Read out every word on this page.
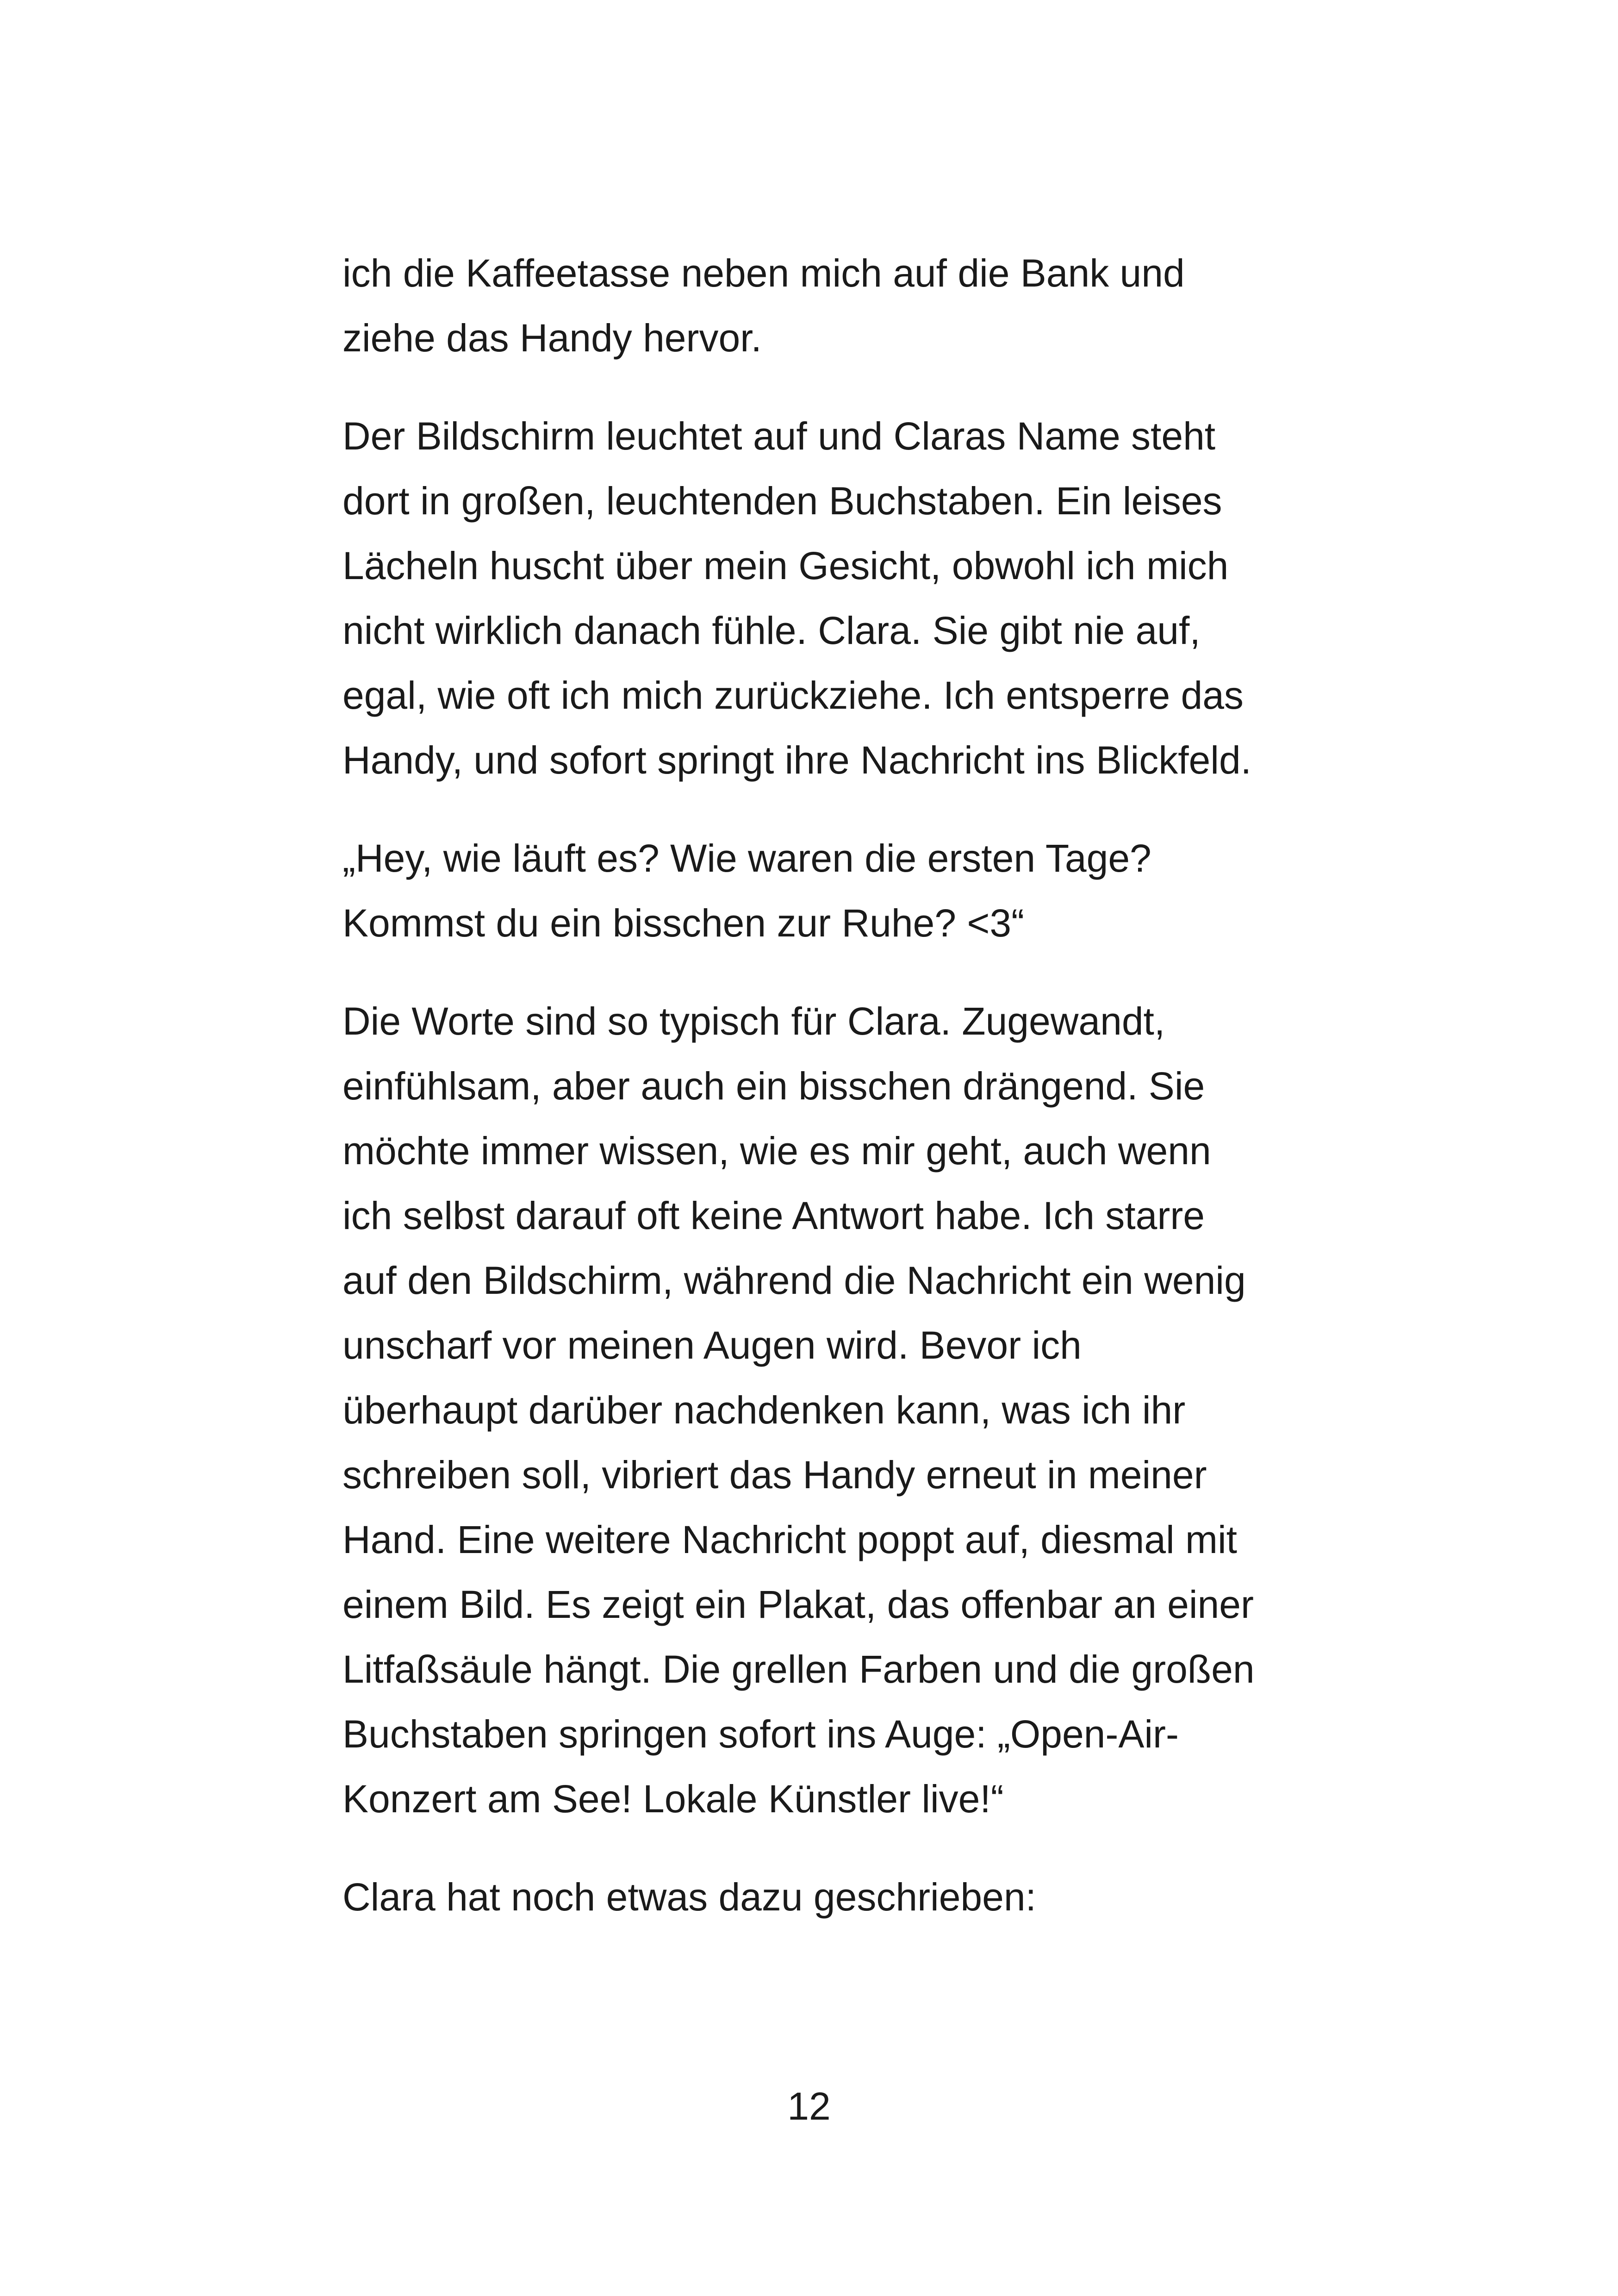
ich die Kaffeetasse neben mich auf die Bank und
ziehe das Handy hervor.

Der Bildschirm leuchtet auf und Claras Name steht
dort in großen, leuchtenden Buchstaben. Ein leises
Lächeln huscht über mein Gesicht, obwohl ich mich
nicht wirklich danach fühle. Clara. Sie gibt nie auf,
egal, wie oft ich mich zurückziehe. Ich entsperre das
Handy, und sofort springt ihre Nachricht ins Blickfeld.

„Hey, wie läuft es? Wie waren die ersten Tage?
Kommst du ein bisschen zur Ruhe? <3“

Die Worte sind so typisch für Clara. Zugewandt,
einfühlsam, aber auch ein bisschen drängend. Sie
möchte immer wissen, wie es mir geht, auch wenn
ich selbst darauf oft keine Antwort habe. Ich starre
auf den Bildschirm, während die Nachricht ein wenig
unscharf vor meinen Augen wird. Bevor ich
überhaupt darüber nachdenken kann, was ich ihr
schreiben soll, vibriert das Handy erneut in meiner
Hand. Eine weitere Nachricht poppt auf, diesmal mit
einem Bild. Es zeigt ein Plakat, das offenbar an einer
Litfaßsäule hängt. Die grellen Farben und die großen
Buchstaben springen sofort ins Auge: „Open-Air-
Konzert am See! Lokale Künstler live!“

Clara hat noch etwas dazu geschrieben:

12
